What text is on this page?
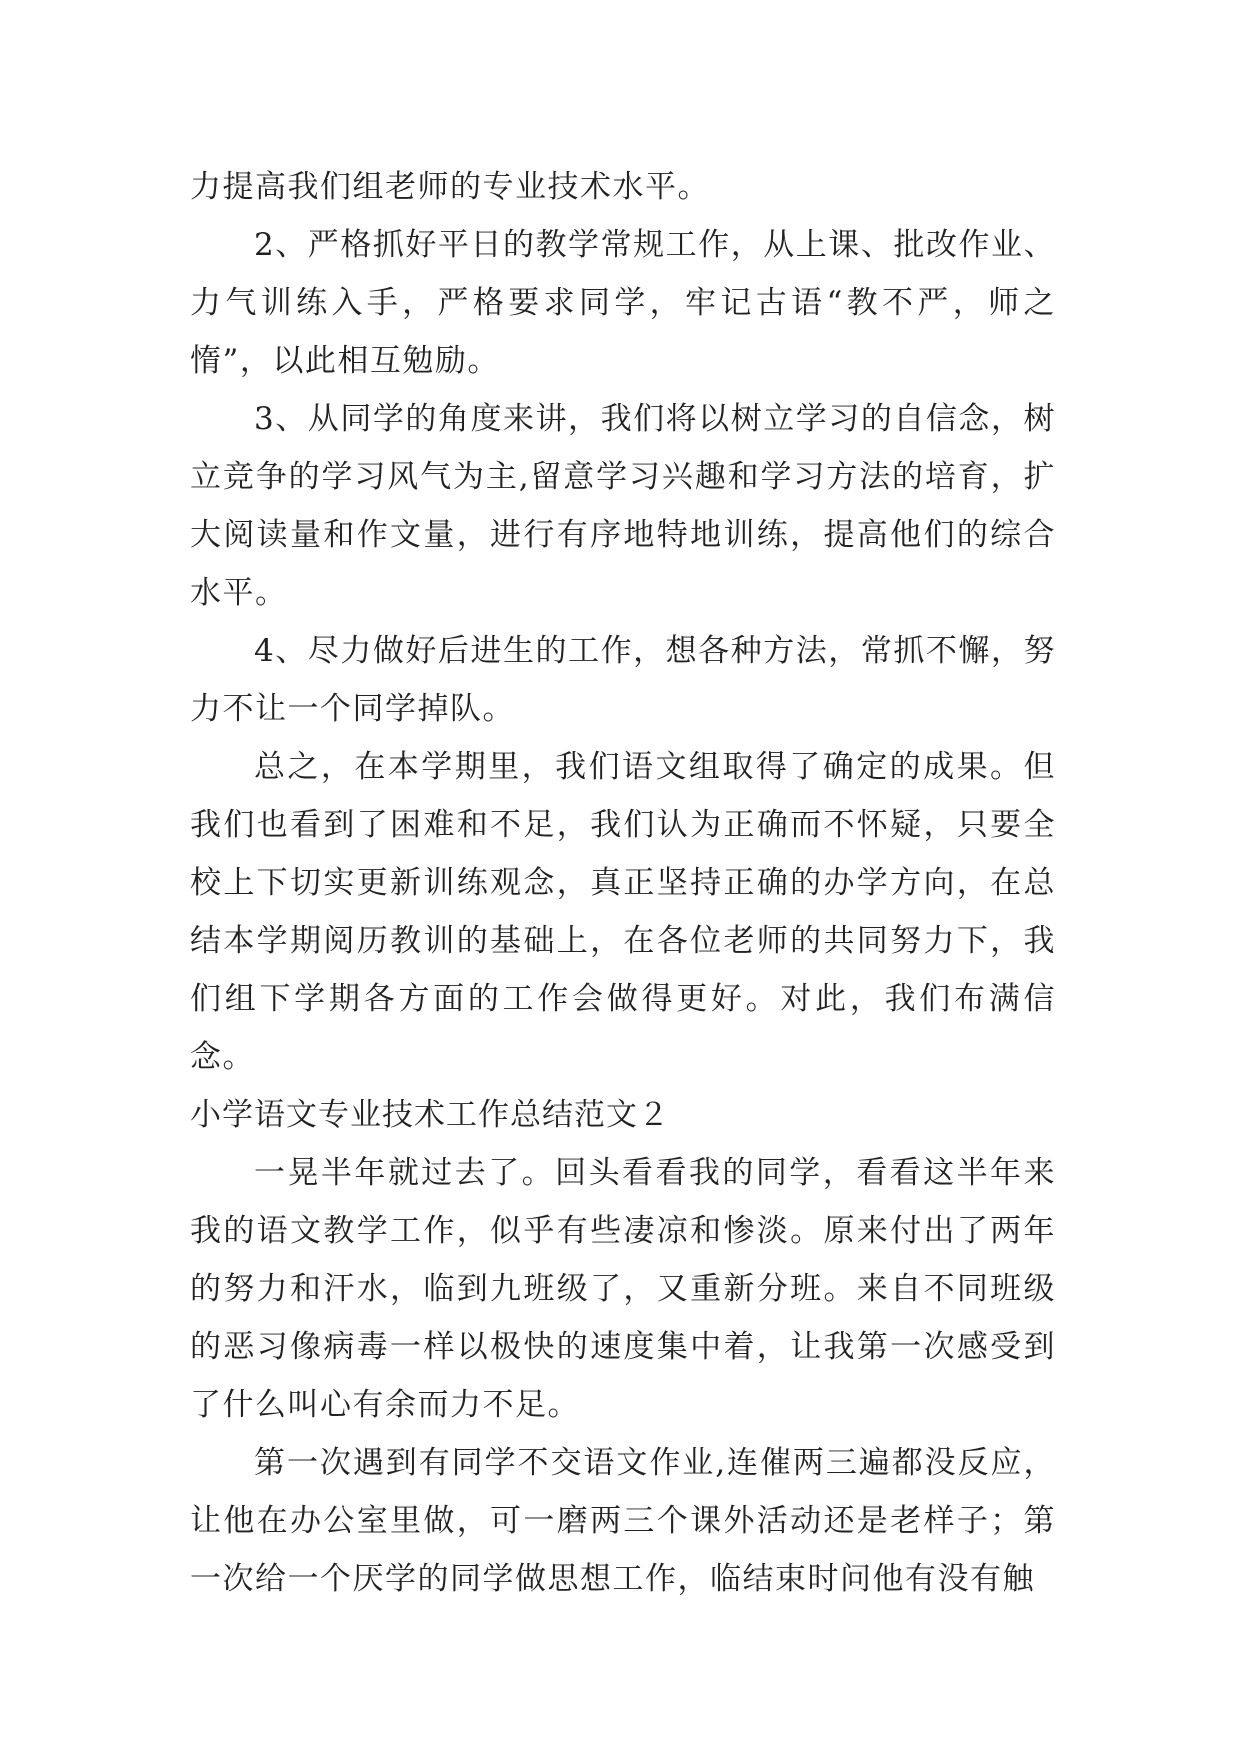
力提高我们组老师的专业技术水平。

2、严格抓好平日的教学常规工作，从上课、批改作业、力气训练入手，严格要求同学，牢记古语“教不严，师之惰”，以此相互勉励。

3、从同学的角度来讲，我们将以树立学习的自信念，树立竞争的学习风气为主,留意学习兴趣和学习方法的培育，扩大阅读量和作文量，进行有序地特地训练，提高他们的综合水平。

4、尽力做好后进生的工作，想各种方法，常抓不懈，努力不让一个同学掉队。

总之，在本学期里，我们语文组取得了确定的成果。但我们也看到了困难和不足，我们认为正确而不怀疑，只要全校上下切实更新训练观念，真正坚持正确的办学方向，在总结本学期阅历教训的基础上，在各位老师的共同努力下，我们组下学期各方面的工作会做得更好。对此，我们布满信念。

小学语文专业技术工作总结范文２

一晃半年就过去了。回头看看我的同学，看看这半年来我的语文教学工作，似乎有些凄凉和惨淡。原来付出了两年的努力和汗水，临到九班级了，又重新分班。来自不同班级的恶习像病毒一样以极快的速度集中着，让我第一次感受到了什么叫心有余而力不足。

第一次遇到有同学不交语文作业,连催两三遍都没反应，让他在办公室里做，可一磨两三个课外活动还是老样子；第一次给一个厌学的同学做思想工作，临结束时问他有没有触
